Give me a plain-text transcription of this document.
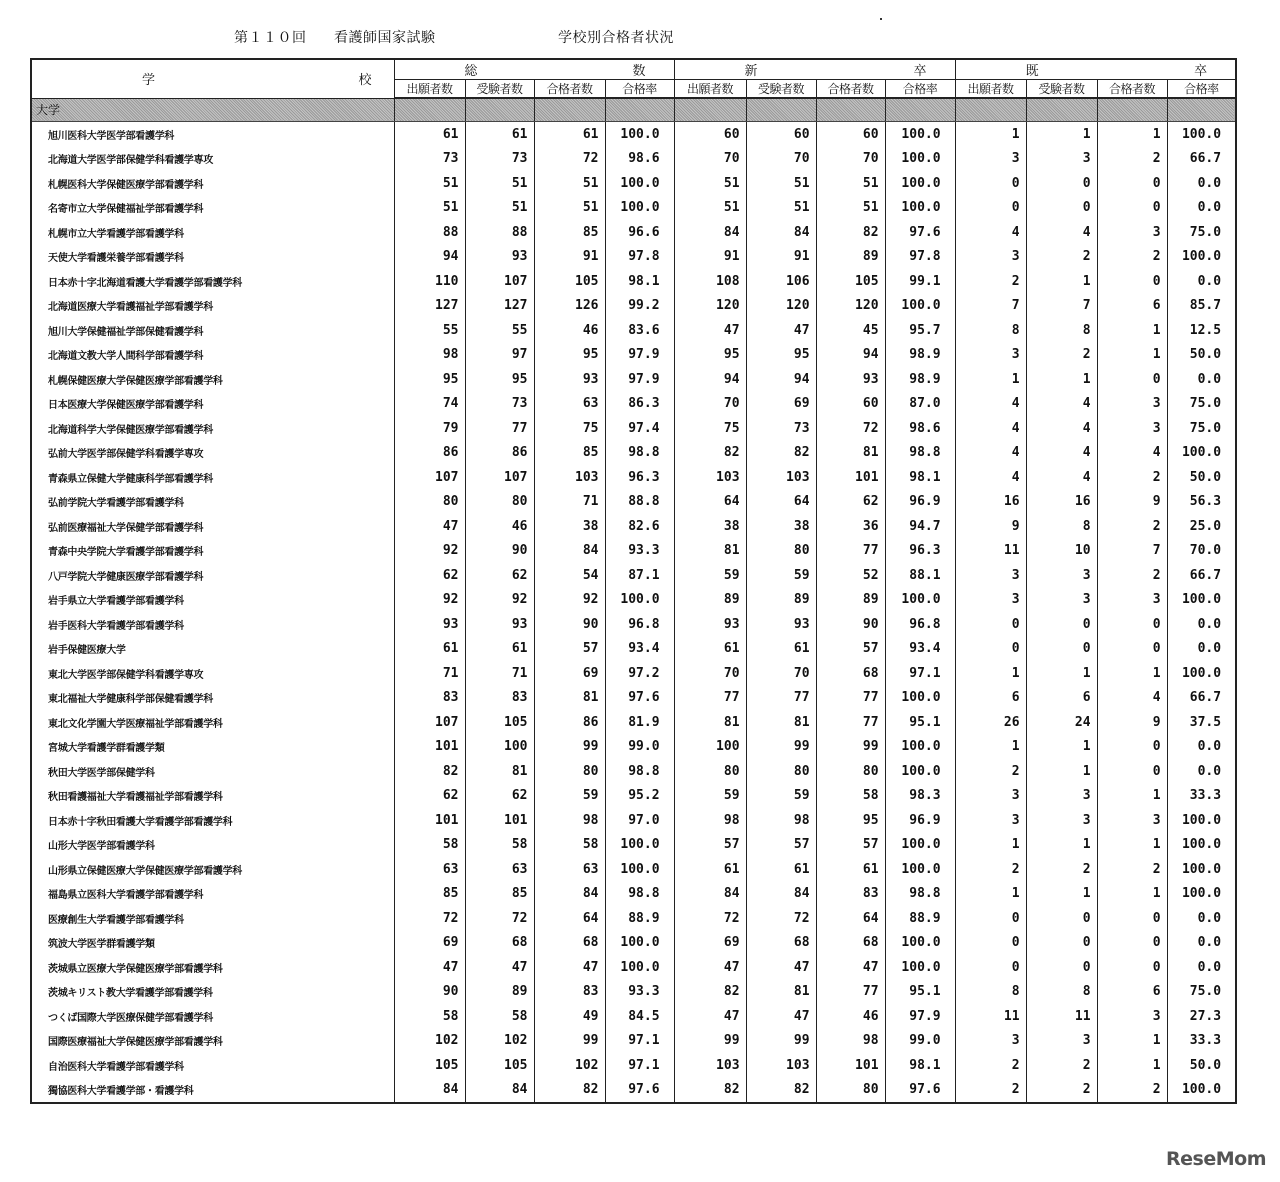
第１１０回 看護師国家試験	学校別合格者状況
学 校	総 数				新 卒				既 卒			

	出願者数	受験者数	合格者数	合格率	出願者数	受験者数	合格者数	合格率	出願者数	受験者数	合格者数	合格率
大学												
旭川医科大学医学部看護学科	61	61	61	100.0	60	60	60	100.0	1	1	1	100.0
北海道大学医学部保健学科看護学専攻	73	73	72	98.6	70	70	70	100.0	3	3	2	66.7
札幌医科大学保健医療学部看護学科	51	51	51	100.0	51	51	51	100.0	0	0	0	0.0
名寄市立大学保健福祉学部看護学科	51	51	51	100.0	51	51	51	100.0	0	0	0	0.0
札幌市立大学看護学部看護学科	88	88	85	96.6	84	84	82	97.6	4	4	3	75.0
天使大学看護栄養学部看護学科	94	93	91	97.8	91	91	89	97.8	3	2	2	100.0
日本赤十字北海道看護大学看護学部看護学科	110	107	105	98.1	108	106	105	99.1	2	1	0	0.0
北海道医療大学看護福祉学部看護学科	127	127	126	99.2	120	120	120	100.0	7	7	6	85.7
旭川大学保健福祉学部保健看護学科	55	55	46	83.6	47	47	45	95.7	8	8	1	12.5
北海道文教大学人間科学部看護学科	98	97	95	97.9	95	95	94	98.9	3	2	1	50.0
札幌保健医療大学保健医療学部看護学科	95	95	93	97.9	94	94	93	98.9	1	1	0	0.0
日本医療大学保健医療学部看護学科	74	73	63	86.3	70	69	60	87.0	4	4	3	75.0
北海道科学大学保健医療学部看護学科	79	77	75	97.4	75	73	72	98.6	4	4	3	75.0
弘前大学医学部保健学科看護学専攻	86	86	85	98.8	82	82	81	98.8	4	4	4	100.0
青森県立保健大学健康科学部看護学科	107	107	103	96.3	103	103	101	98.1	4	4	2	50.0
弘前学院大学看護学部看護学科	80	80	71	88.8	64	64	62	96.9	16	16	9	56.3
弘前医療福祉大学保健学部看護学科	47	46	38	82.6	38	38	36	94.7	9	8	2	25.0
青森中央学院大学看護学部看護学科	92	90	84	93.3	81	80	77	96.3	11	10	7	70.0
八戸学院大学健康医療学部看護学科	62	62	54	87.1	59	59	52	88.1	3	3	2	66.7
岩手県立大学看護学部看護学科	92	92	92	100.0	89	89	89	100.0	3	3	3	100.0
岩手医科大学看護学部看護学科	93	93	90	96.8	93	93	90	96.8	0	0	0	0.0
岩手保健医療大学	61	61	57	93.4	61	61	57	93.4	0	0	0	0.0
東北大学医学部保健学科看護学専攻	71	71	69	97.2	70	70	68	97.1	1	1	1	100.0
東北福祉大学健康科学部保健看護学科	83	83	81	97.6	77	77	77	100.0	6	6	4	66.7
東北文化学園大学医療福祉学部看護学科	107	105	86	81.9	81	81	77	95.1	26	24	9	37.5
宮城大学看護学群看護学類	101	100	99	99.0	100	99	99	100.0	1	1	0	0.0
秋田大学医学部保健学科	82	81	80	98.8	80	80	80	100.0	2	1	0	0.0
秋田看護福祉大学看護福祉学部看護学科	62	62	59	95.2	59	59	58	98.3	3	3	1	33.3
日本赤十字秋田看護大学看護学部看護学科	101	101	98	97.0	98	98	95	96.9	3	3	3	100.0
山形大学医学部看護学科	58	58	58	100.0	57	57	57	100.0	1	1	1	100.0
山形県立保健医療大学保健医療学部看護学科	63	63	63	100.0	61	61	61	100.0	2	2	2	100.0
福島県立医科大学看護学部看護学科	85	85	84	98.8	84	84	83	98.8	1	1	1	100.0
医療創生大学看護学部看護学科	72	72	64	88.9	72	72	64	88.9	0	0	0	0.0
筑波大学医学群看護学類	69	68	68	100.0	69	68	68	100.0	0	0	0	0.0
茨城県立医療大学保健医療学部看護学科	47	47	47	100.0	47	47	47	100.0	0	0	0	0.0
茨城キリスト教大学看護学部看護学科	90	89	83	93.3	82	81	77	95.1	8	8	6	75.0
つくば国際大学医療保健学部看護学科	58	58	49	84.5	47	47	46	97.9	11	11	3	27.3
国際医療福祉大学保健医療学部看護学科	102	102	99	97.1	99	99	98	99.0	3	3	1	33.3
自治医科大学看護学部看護学科	105	105	102	97.1	103	103	101	98.1	2	2	1	50.0
獨協医科大学看護学部・看護学科	84	84	82	97.6	82	82	80	97.6	2	2	2	100.0
ReseMom
